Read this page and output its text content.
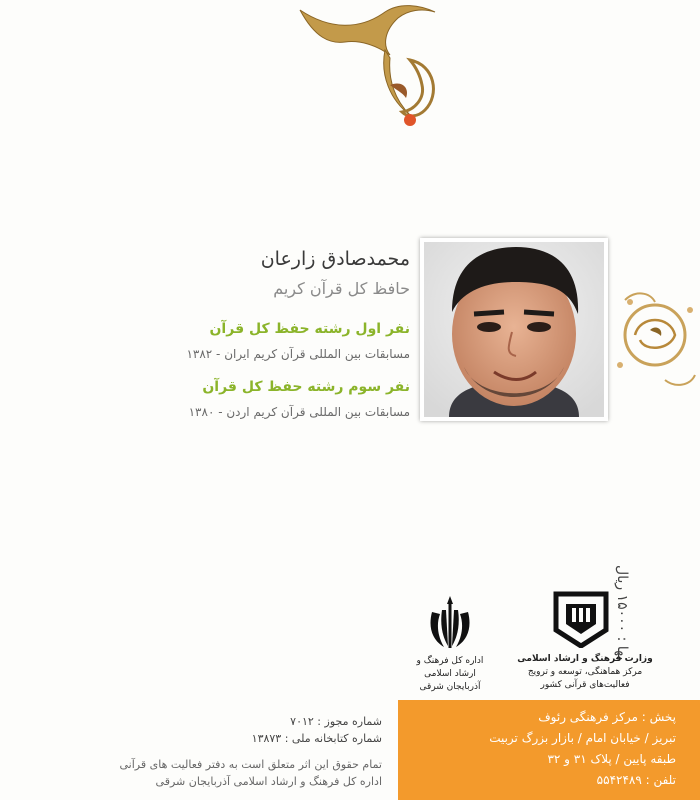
محمدصادق زارعان
حافظ کل قرآن کریم
نفر اول رشته حفظ کل قرآن
مسابقات بین المللی قرآن کریم ایران - ۱۳۸۲
نفر سوم رشته حفظ کل قرآن
مسابقات بین المللی قرآن کریم اردن - ۱۳۸۰
بها : ۱۵۰۰۰ ریال
اداره کل فرهنگ و ارشاد اسلامی
آذربایجان شرقی
وزارت فرهنگ و ارشاد اسلامی
مرکز هماهنگی، توسعه و ترویج فعالیت‌های قرآنی کشور
پخش : مرکز فرهنگی رئوف
تبریز / خیابان امام / بازار بزرگ تربیت
طبقه پایین / پلاک ۳۱ و ۳۲
تلفن : ۵۵۴۲۴۸۹
شماره مجوز : ۷۰۱۲
شماره کتابخانه ملی : ۱۳۸۷۳
تمام حقوق این اثر متعلق است به دفتر فعالیت های قرآنی
اداره کل فرهنگ و ارشاد اسلامی آذربایجان شرقی
